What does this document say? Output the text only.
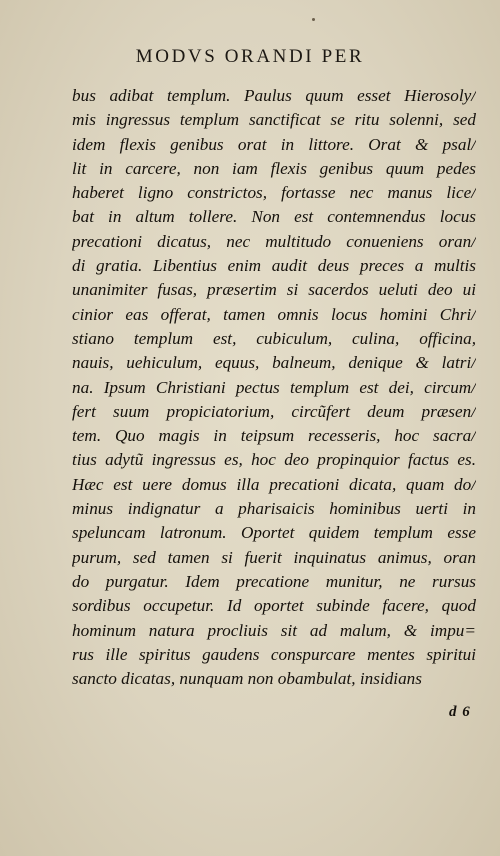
MODVS ORANDI PER
bus adibat templum. Paulus quum esset Hierosoly/
mis ingressus templum sanctificat se ritu solenni, sed
idem flexis genibus orat in littore. Orat & psal/
lit in carcere, non iam flexis genibus quum pedes
haberet ligno constrictos, fortasse nec manus lice/
bat in altum tollere. Non est contemnendus locus
precationi dicatus, nec multitudo conueniens oran/
di gratia. Libentius enim audit deus preces a multis
unanimiter fusas, præsertim si sacerdos ueluti deo ui
cinior eas offerat, tamen omnis locus homini Chri/
stiano templum est, cubiculum, culina, officina,
nauis, uehiculum, equus, balneum, denique & latri/
na. Ipsum Christiani pectus templum est dei, circum/
fert suum propiciatorium, circũfert deum præsen/
tem. Quo magis in teipsum recesseris, hoc sacra/
tius adytũ ingressus es, hoc deo propinquior factus es.
Hæc est uere domus illa precationi dicata, quam do/
minus indignatur a pharisaicis hominibus uerti in
speluncam latronum. Oportet quidem templum esse
purum, sed tamen si fuerit inquinatus animus, oran
do purgatur. Idem precatione munitur, ne rursus
sordibus occupetur. Id oportet subinde facere, quod
hominum natura procliuis sit ad malum, & impu=
rus ille spiritus gaudens conspurcare mentes spiritui
sancto dicatas, nunquam non obambulat, insidians
d 6
